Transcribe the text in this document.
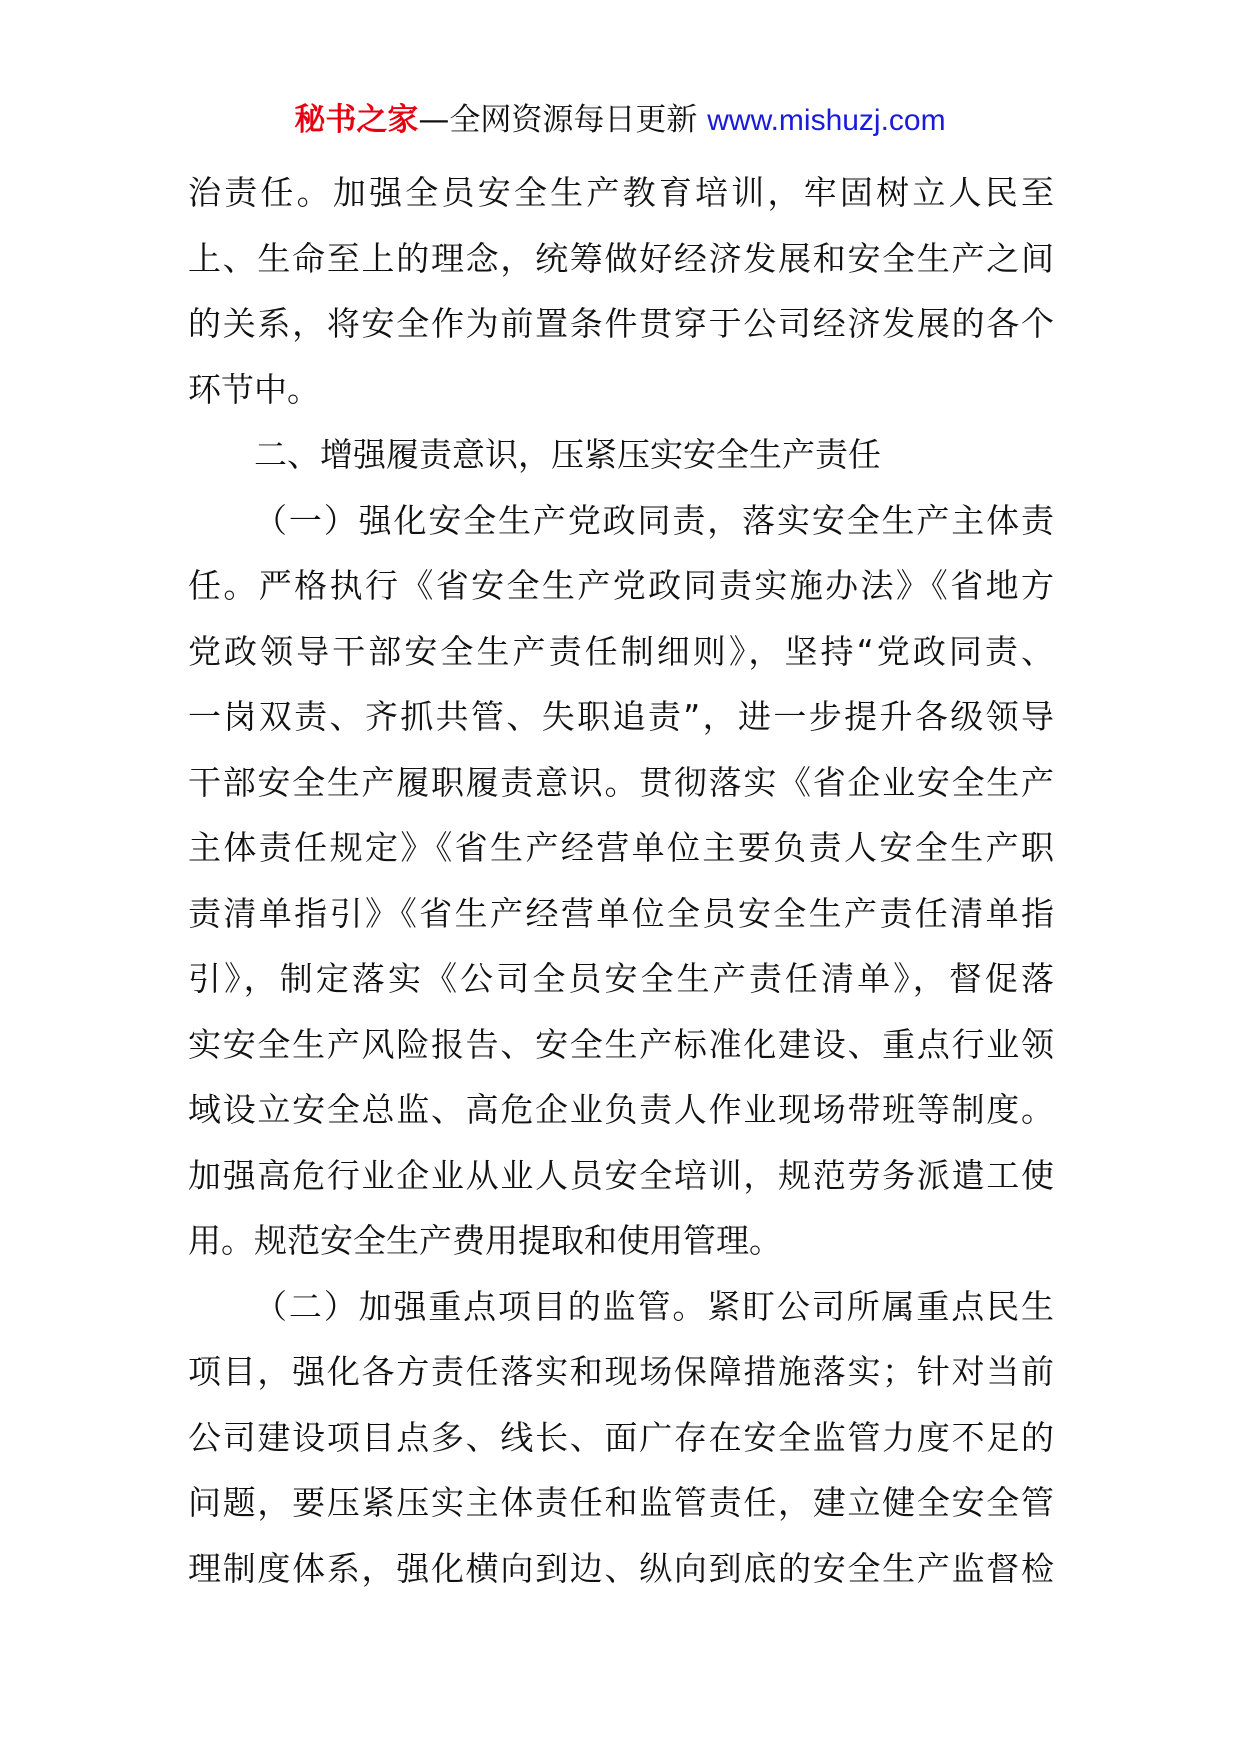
秘书之家—全网资源每日更新 www.mishuzj.com
治责任。加强全员安全生产教育培训，牢固树立人民至
上、生命至上的理念，统筹做好经济发展和安全生产之间
的关系，将安全作为前置条件贯穿于公司经济发展的各个
环节中。
二、增强履责意识，压紧压实安全生产责任
（一）强化安全生产党政同责，落实安全生产主体责
任。严格执行《省安全生产党政同责实施办法》《省地方
党政领导干部安全生产责任制细则》，坚持“党政同责、
一岗双责、齐抓共管、失职追责”，进一步提升各级领导
干部安全生产履职履责意识。贯彻落实《省企业安全生产
主体责任规定》《省生产经营单位主要负责人安全生产职
责清单指引》《省生产经营单位全员安全生产责任清单指
引》，制定落实《公司全员安全生产责任清单》，督促落
实安全生产风险报告、安全生产标准化建设、重点行业领
域设立安全总监、高危企业负责人作业现场带班等制度。
加强高危行业企业从业人员安全培训，规范劳务派遣工使
用。规范安全生产费用提取和使用管理。
（二）加强重点项目的监管。紧盯公司所属重点民生
项目，强化各方责任落实和现场保障措施落实；针对当前
公司建设项目点多、线长、面广存在安全监管力度不足的
问题，要压紧压实主体责任和监管责任，建立健全安全管
理制度体系，强化横向到边、纵向到底的安全生产监督检
